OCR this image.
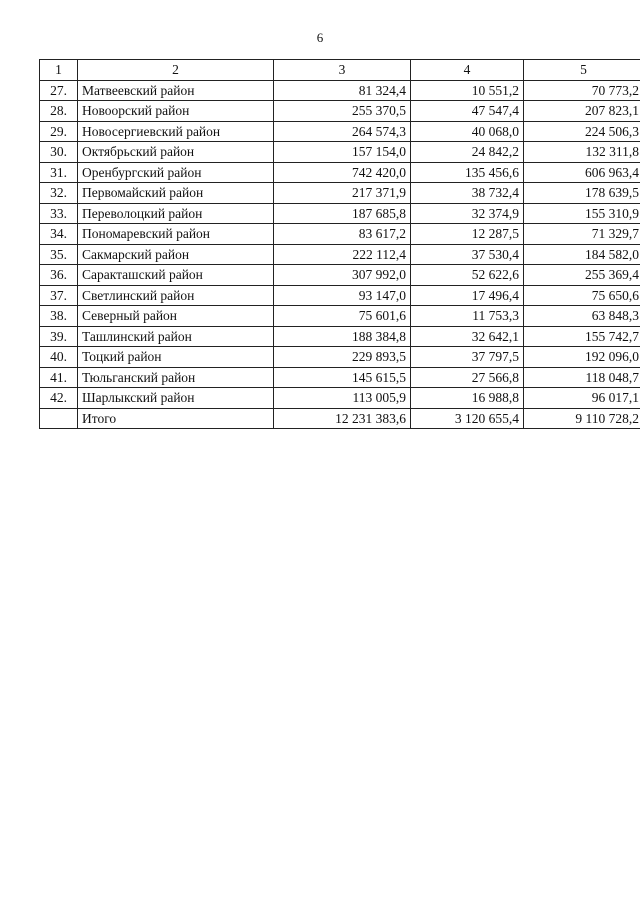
6
1	2	3	4	5
27.	Матвеевский район	81 324,4	10 551,2	70 773,2
28.	Новоорский район	255 370,5	47 547,4	207 823,1
29.	Новосергиевский район	264 574,3	40 068,0	224 506,3
30.	Октябрьский район	157 154,0	24 842,2	132 311,8
31.	Оренбургский район	742 420,0	135 456,6	606 963,4
32.	Первомайский район	217 371,9	38 732,4	178 639,5
33.	Переволоцкий район	187 685,8	32 374,9	155 310,9
34.	Пономаревский район	83 617,2	12 287,5	71 329,7
35.	Сакмарский район	222 112,4	37 530,4	184 582,0
36.	Саракташский район	307 992,0	52 622,6	255 369,4
37.	Светлинский район	93 147,0	17 496,4	75 650,6
38.	Северный район	75 601,6	11 753,3	63 848,3
39.	Ташлинский район	188 384,8	32 642,1	155 742,7
40.	Тоцкий район	229 893,5	37 797,5	192 096,0
41.	Тюльганский район	145 615,5	27 566,8	118 048,7
42.	Шарлыкский район	113 005,9	16 988,8	96 017,1
	Итого	12 231 383,6	3 120 655,4	9 110 728,2
